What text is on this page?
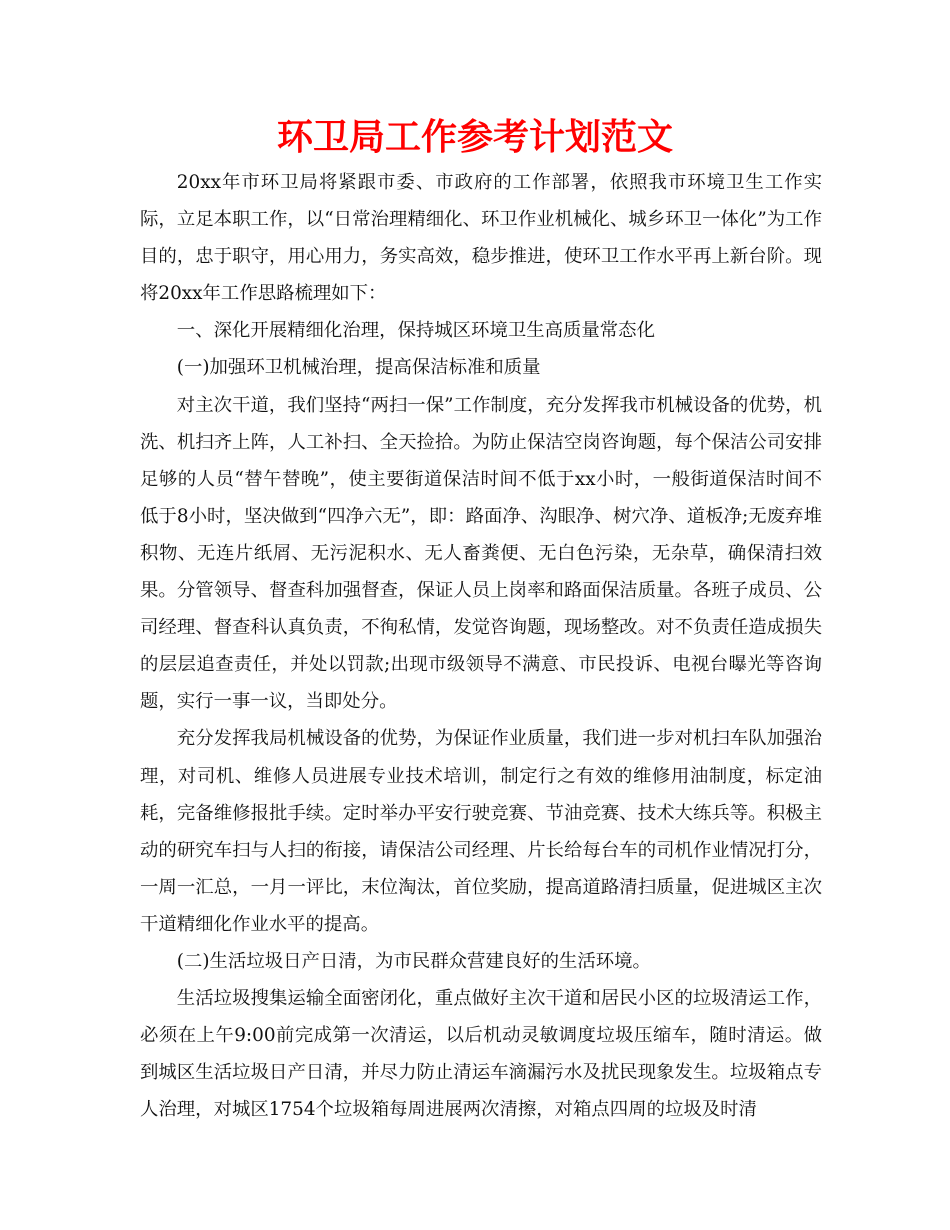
环卫局工作参考计划范文

20xx年市环卫局将紧跟市委、市政府的工作部署，依照我市环境卫生工作实际，立足本职工作，以“日常治理精细化、环卫作业机械化、城乡环卫一体化”为工作目的，忠于职守，用心用力，务实高效，稳步推进，使环卫工作水平再上新台阶。现将20xx年工作思路梳理如下：

一、深化开展精细化治理，保持城区环境卫生高质量常态化

(一)加强环卫机械治理，提高保洁标准和质量

对主次干道，我们坚持“两扫一保”工作制度，充分发挥我市机械设备的优势，机洗、机扫齐上阵，人工补扫、全天捡拾。为防止保洁空岗咨询题，每个保洁公司安排足够的人员“替午替晚”，使主要街道保洁时间不低于xx小时，一般街道保洁时间不低于8小时，坚决做到“四净六无”，即：路面净、沟眼净、树穴净、道板净;无废弃堆积物、无连片纸屑、无污泥积水、无人畜粪便、无白色污染，无杂草，确保清扫效果。分管领导、督查科加强督查，保证人员上岗率和路面保洁质量。各班子成员、公司经理、督查科认真负责，不徇私情，发觉咨询题，现场整改。对不负责任造成损失的层层追查责任，并处以罚款;出现市级领导不满意、市民投诉、电视台曝光等咨询题，实行一事一议，当即处分。

充分发挥我局机械设备的优势，为保证作业质量，我们进一步对机扫车队加强治理，对司机、维修人员进展专业技术培训，制定行之有效的维修用油制度，标定油耗，完备维修报批手续。定时举办平安行驶竞赛、节油竞赛、技术大练兵等。积极主动的研究车扫与人扫的衔接，请保洁公司经理、片长给每台车的司机作业情况打分，一周一汇总，一月一评比，末位淘汰，首位奖励，提高道路清扫质量，促进城区主次干道精细化作业水平的提高。

(二)生活垃圾日产日清，为市民群众营建良好的生活环境。

生活垃圾搜集运输全面密闭化，重点做好主次干道和居民小区的垃圾清运工作，必须在上午9:00前完成第一次清运，以后机动灵敏调度垃圾压缩车，随时清运。做到城区生活垃圾日产日清，并尽力防止清运车滴漏污水及扰民现象发生。垃圾箱点专人治理，对城区1754个垃圾箱每周进展两次清擦，对箱点四周的垃圾及时清
